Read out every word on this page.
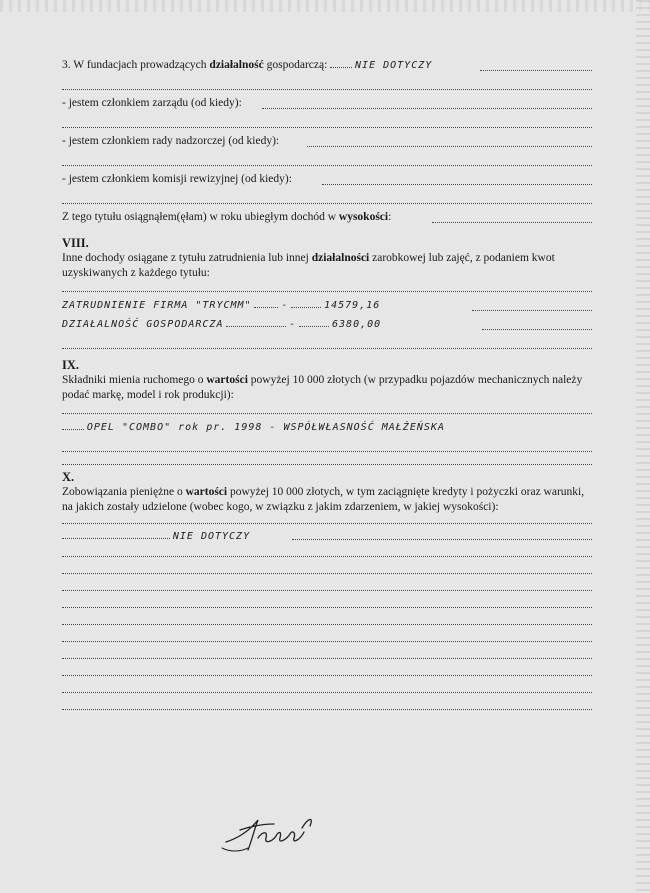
3. W fundacjach prowadzących działalność gospodarczą:	NIE DOTYCZY
- jestem członkiem zarządu (od kiedy):
- jestem członkiem rady nadzorczej (od kiedy):
- jestem członkiem komisji rewizyjnej (od kiedy):
Z tego tytułu osiągnąłem(ęłam) w roku ubiegłym dochód w wysokości:
VIII.
Inne dochody osiągane z tytułu zatrudnienia lub innej działalności zarobkowej lub zajęć, z podaniem kwot uzyskiwanych z każdego tytułu:
ZATRUDNIENIE FIRMA "TRYCMM"	-	14579,16
DZIAŁALNOŚĆ GOSPODARCZA	-	6380,00
IX.
Składniki mienia ruchomego o wartości powyżej 10 000 złotych (w przypadku pojazdów mechanicznych należy podać markę, model i rok produkcji):
OPEL "COMBO" rok pr. 1998 - WSPÓŁWŁASNOŚĆ MAŁŻEŃSKA
X.
Zobowiązania pieniężne o wartości powyżej 10 000 złotych, w tym zaciągnięte kredyty i pożyczki oraz warunki, na jakich zostały udzielone (wobec kogo, w związku z jakim zdarzeniem, w jakiej wysokości):
NIE DOTYCZY
